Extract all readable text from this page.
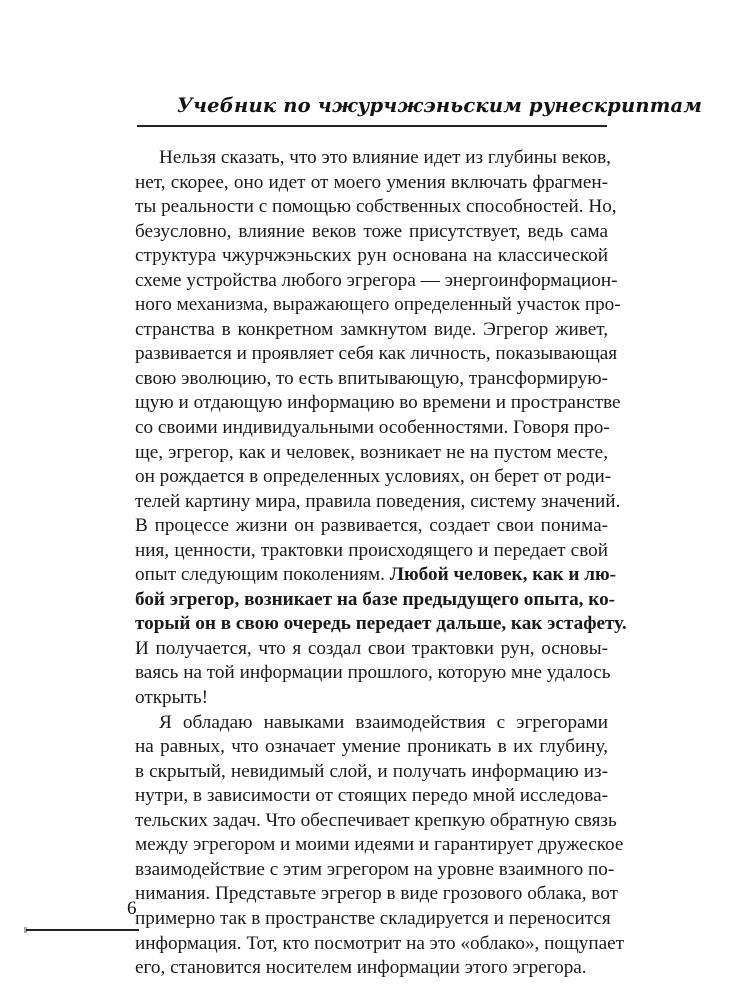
Учебник по чжурчжэньским рунескриптам
Нельзя сказать, что это влияние идет из глубины веков,
нет, скорее, оно идет от моего умения включать фрагмен-
ты реальности с помощью собственных способностей. Но,
безусловно, влияние веков тоже присутствует, ведь сама
структура чжурчжэньских рун основана на классической
схеме устройства любого эгрегора — энергоинформацион-
ного механизма, выражающего определенный участок про-
странства в конкретном замкнутом виде. Эгрегор живет,
развивается и проявляет себя как личность, показывающая
свою эволюцию, то есть впитывающую, трансформирую-
щую и отдающую информацию во времени и пространстве
со своими индивидуальными особенностями. Говоря про-
ще, эгрегор, как и человек, возникает не на пустом месте,
он рождается в определенных условиях, он берет от роди-
телей картину мира, правила поведения, систему значений.
В процессе жизни он развивается, создает свои понима-
ния, ценности, трактовки происходящего и передает свой
опыт следующим поколениям. Любой человек, как и лю-
бой эгрегор, возникает на базе предыдущего опыта, ко-
торый он в свою очередь передает дальше, как эстафету.
И получается, что я создал свои трактовки рун, основы-
ваясь на той информации прошлого, которую мне удалось
открыть!
Я обладаю навыками взаимодействия с эгрегорами
на равных, что означает умение проникать в их глубину,
в скрытый, невидимый слой, и получать информацию из-
нутри, в зависимости от стоящих передо мной исследова-
тельских задач. Что обеспечивает крепкую обратную связь
между эгрегором и моими идеями и гарантирует дружеское
взаимодействие с этим эгрегором на уровне взаимного по-
нимания. Представьте эгрегор в виде грозового облака, вот
примерно так в пространстве складируется и переносится
информация. Тот, кто посмотрит на это «облако», пощупает
его, становится носителем информации этого эгрегора.
6
